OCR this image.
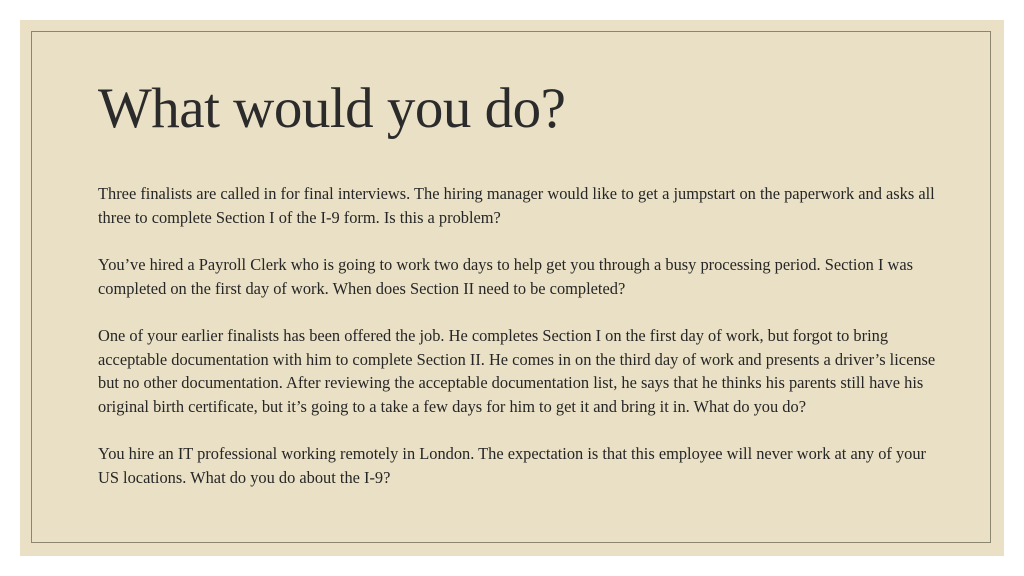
What would you do?

Three finalists are called in for final interviews. The hiring manager would like to get a jumpstart on the paperwork and asks all three to complete Section I of the I-9 form. Is this a problem?

You’ve hired a Payroll Clerk who is going to work two days to help get you through a busy processing period. Section I was completed on the first day of work. When does Section II need to be completed?

One of your earlier finalists has been offered the job. He completes Section I on the first day of work, but forgot to bring acceptable documentation with him to complete Section II. He comes in on the third day of work and presents a driver’s license but no other documentation. After reviewing the acceptable documentation list, he says that he thinks his parents still have his original birth certificate, but it’s going to a take a few days for him to get it and bring it in. What do you do?

You hire an IT professional working remotely in London. The expectation is that this employee will never work at any of your US locations. What do you do about the I-9?
